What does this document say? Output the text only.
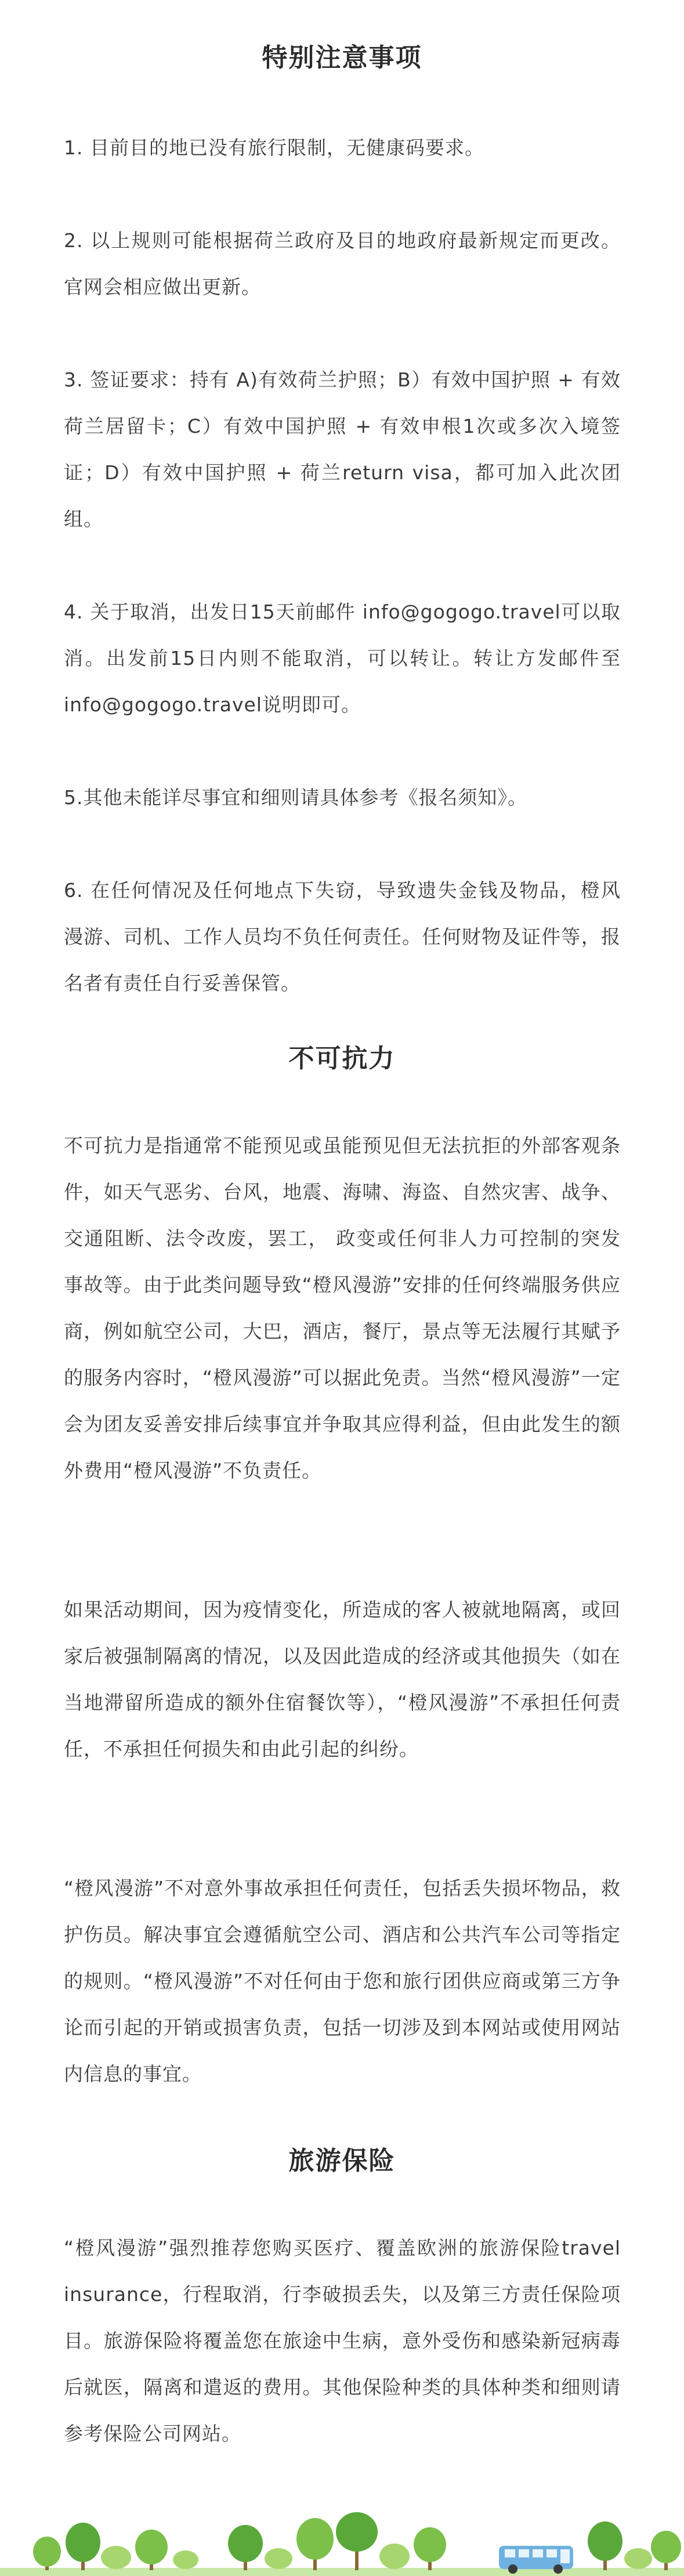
特别注意事项

1. 目前目的地已没有旅行限制，无健康码要求。

2. 以上规则可能根据荷兰政府及目的地政府最新规定而更改。官网会相应做出更新。

3. 签证要求：持有 A)有效荷兰护照；B）有效中国护照 + 有效荷兰居留卡；C）有效中国护照 + 有效申根1次或多次入境签证；D）有效中国护照 + 荷兰return visa，都可加入此次团组。

4. 关于取消，出发日15天前邮件 info@gogogo.travel可以取消。出发前15日内则不能取消，可以转让。转让方发邮件至info@gogogo.travel说明即可。

5.其他未能详尽事宜和细则请具体参考《报名须知》。

6. 在任何情况及任何地点下失窃，导致遗失金钱及物品，橙风漫游、司机、工作人员均不负任何责任。任何财物及证件等，报名者有责任自行妥善保管。

不可抗力

不可抗力是指通常不能预见或虽能预见但无法抗拒的外部客观条件，如天气恶劣、台风，地震、海啸、海盗、自然灾害、战争、交通阻断、法令改废，罢工， 政变或任何非人力可控制的突发事故等。由于此类问题导致“橙风漫游”安排的任何终端服务供应商，例如航空公司，大巴，酒店，餐厅，景点等无法履行其赋予的服务内容时，“橙风漫游”可以据此免责。当然“橙风漫游”一定会为团友妥善安排后续事宜并争取其应得利益，但由此发生的额外费用“橙风漫游”不负责任。

如果活动期间，因为疫情变化，所造成的客人被就地隔离，或回家后被强制隔离的情况，以及因此造成的经济或其他损失（如在当地滞留所造成的额外住宿餐饮等），“橙风漫游”不承担任何责任，不承担任何损失和由此引起的纠纷。

“橙风漫游”不对意外事故承担任何责任，包括丢失损坏物品，救护伤员。解决事宜会遵循航空公司、酒店和公共汽车公司等指定的规则。“橙风漫游”不对任何由于您和旅行团供应商或第三方争论而引起的开销或损害负责，包括一切涉及到本网站或使用网站内信息的事宜。

旅游保险

“橙风漫游”强烈推荐您购买医疗、覆盖欧洲的旅游保险travel insurance，行程取消，行李破损丢失，以及第三方责任保险项目。旅游保险将覆盖您在旅途中生病，意外受伤和感染新冠病毒后就医，隔离和遣返的费用。其他保险种类的具体种类和细则请参考保险公司网站。
